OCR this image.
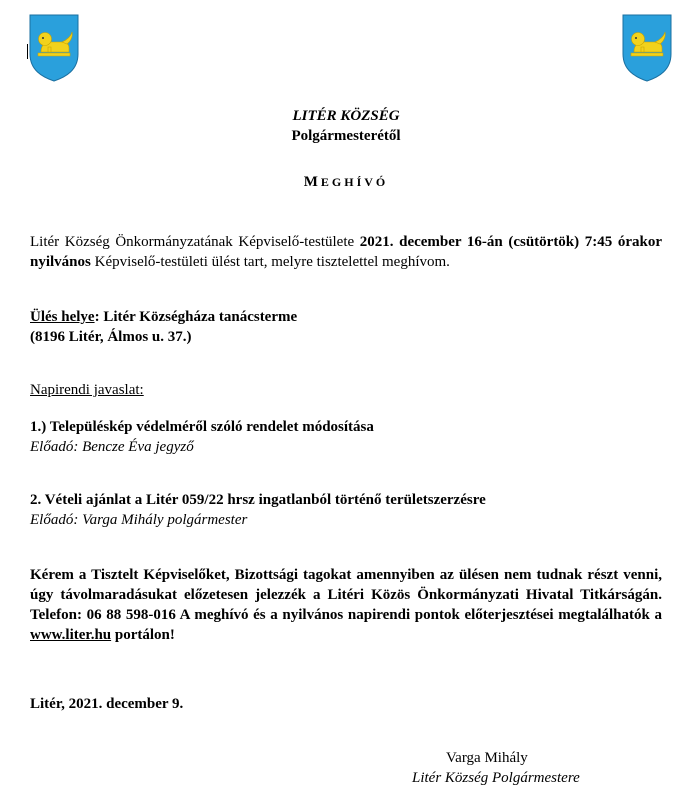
LITÉR KÖZSÉG
Polgármesterétől
MEGHÍVÓ
Litér Község Önkormányzatának Képviselő-testülete 2021. december 16-án (csütörtök) 7:45 órakor nyilvános Képviselő-testületi ülést tart, melyre tisztelettel meghívom.
Ülés helye: Litér Községháza tanácsterme
(8196 Litér, Álmos u. 37.)
Napirendi javaslat:
1.) Településkép védelméről szóló rendelet módosítása
Előadó: Bencze Éva jegyző
2. Vételi ajánlat a Litér 059/22 hrsz ingatlanból történő területszerzésre
Előadó: Varga Mihály polgármester
Kérem a Tisztelt Képviselőket, Bizottsági tagokat amennyiben az ülésen nem tudnak részt venni, úgy távolmaradásukat előzetesen jelezzék a Litéri Közös Önkormányzati Hivatal Titkárságán. Telefon: 06 88 598-016 A meghívó és a nyilvános napirendi pontok előterjesztései megtalálhatók a www.liter.hu portálon!
Litér, 2021. december 9.
Varga Mihály
Litér Község Polgármestere
